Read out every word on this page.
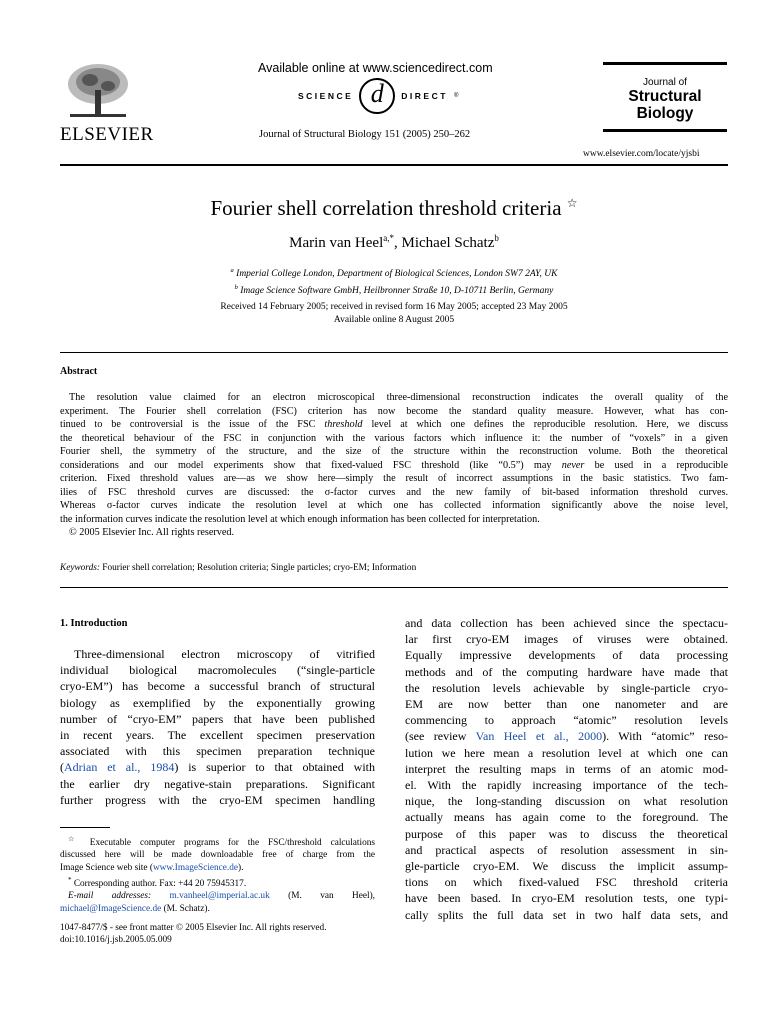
ELSEVIER
Available online at www.sciencedirect.com
SCIENCE d	DIRECT ®
Journal of Structural Biology 151 (2005) 250–262
Journal of
Structural
Biology
www.elsevier.com/locate/yjsbi
Fourier shell correlation threshold criteria ☆
Marin van Heel$^{a,*}$, Michael Schatz$^b$
$^a$ Imperial College London, Department of Biological Sciences, London SW7 2AY, UK
$^b$ Image Science Software GmbH, Heilbronner Straße 10, D-10711 Berlin, Germany
Received 14 February 2005; received in revised form 16 May 2005; accepted 23 May 2005
Available online 8 August 2005
Abstract
The resolution value claimed for an electron microscopical three-dimensional reconstruction indicates the overall quality of the
experiment. The Fourier shell correlation (FSC) criterion has now become the standard quality measure. However, what has con-
tinued to be controversial is the issue of the FSC threshold level at which one defines the reproducible resolution. Here, we discuss
the theoretical behaviour of the FSC in conjunction with the various factors which influence it: the number of “voxels” in a given
Fourier shell, the symmetry of the structure, and the size of the structure within the reconstruction volume. Both the theoretical
considerations and our model experiments show that fixed-valued FSC threshold (like “0.5”) may never be used in a reproducible
criterion. Fixed threshold values are—as we show here—simply the result of incorrect assumptions in the basic statistics. Two fam-
ilies of FSC threshold curves are discussed: the σ-factor curves and the new family of bit-based information threshold curves.
Whereas σ-factor curves indicate the resolution level at which one has collected information significantly above the noise level,
the information curves indicate the resolution level at which enough information has been collected for interpretation.
© 2005 Elsevier Inc. All rights reserved.
Keywords: Fourier shell correlation; Resolution criteria; Single particles; cryo-EM; Information
1. Introduction
Three-dimensional electron microscopy of vitrified
individual biological macromolecules (“single-particle
cryo-EM”) has become a successful branch of structural
biology as exemplified by the exponentially growing
number of “cryo-EM” papers that have been published
in recent years. The excellent specimen preservation
associated with this specimen preparation technique
(Adrian et al., 1984) is superior to that obtained with
the earlier dry negative-stain preparations. Significant
further progress with the cryo-EM specimen handling
☆ Executable computer programs for the FSC/threshold calculations
discussed here will be made downloadable free of charge from the
Image Science web site (www.ImageScience.de).
* Corresponding author. Fax: +44 20 75945317.
E-mail addresses: m.vanheel@imperial.ac.uk (M. van Heel),
michael@ImageScience.de (M. Schatz).
1047-8477/$ - see front matter © 2005 Elsevier Inc. All rights reserved.
doi:10.1016/j.jsb.2005.05.009
and data collection has been achieved since the spectacu-
lar first cryo-EM images of viruses were obtained.
Equally impressive developments of data processing
methods and of the computing hardware have made that
the resolution levels achievable by single-particle cryo-
EM are now better than one nanometer and are
commencing to approach “atomic” resolution levels
(see review Van Heel et al., 2000). With “atomic” reso-
lution we here mean a resolution level at which one can
interpret the resulting maps in terms of an atomic mod-
el. With the rapidly increasing importance of the tech-
nique, the long-standing discussion on what resolution
actually means has again come to the foreground. The
purpose of this paper was to discuss the theoretical
and practical aspects of resolution assessment in sin-
gle-particle cryo-EM. We discuss the implicit assump-
tions on which fixed-valued FSC threshold criteria
have been based. In cryo-EM resolution tests, one typi-
cally splits the full data set in two half data sets, and
